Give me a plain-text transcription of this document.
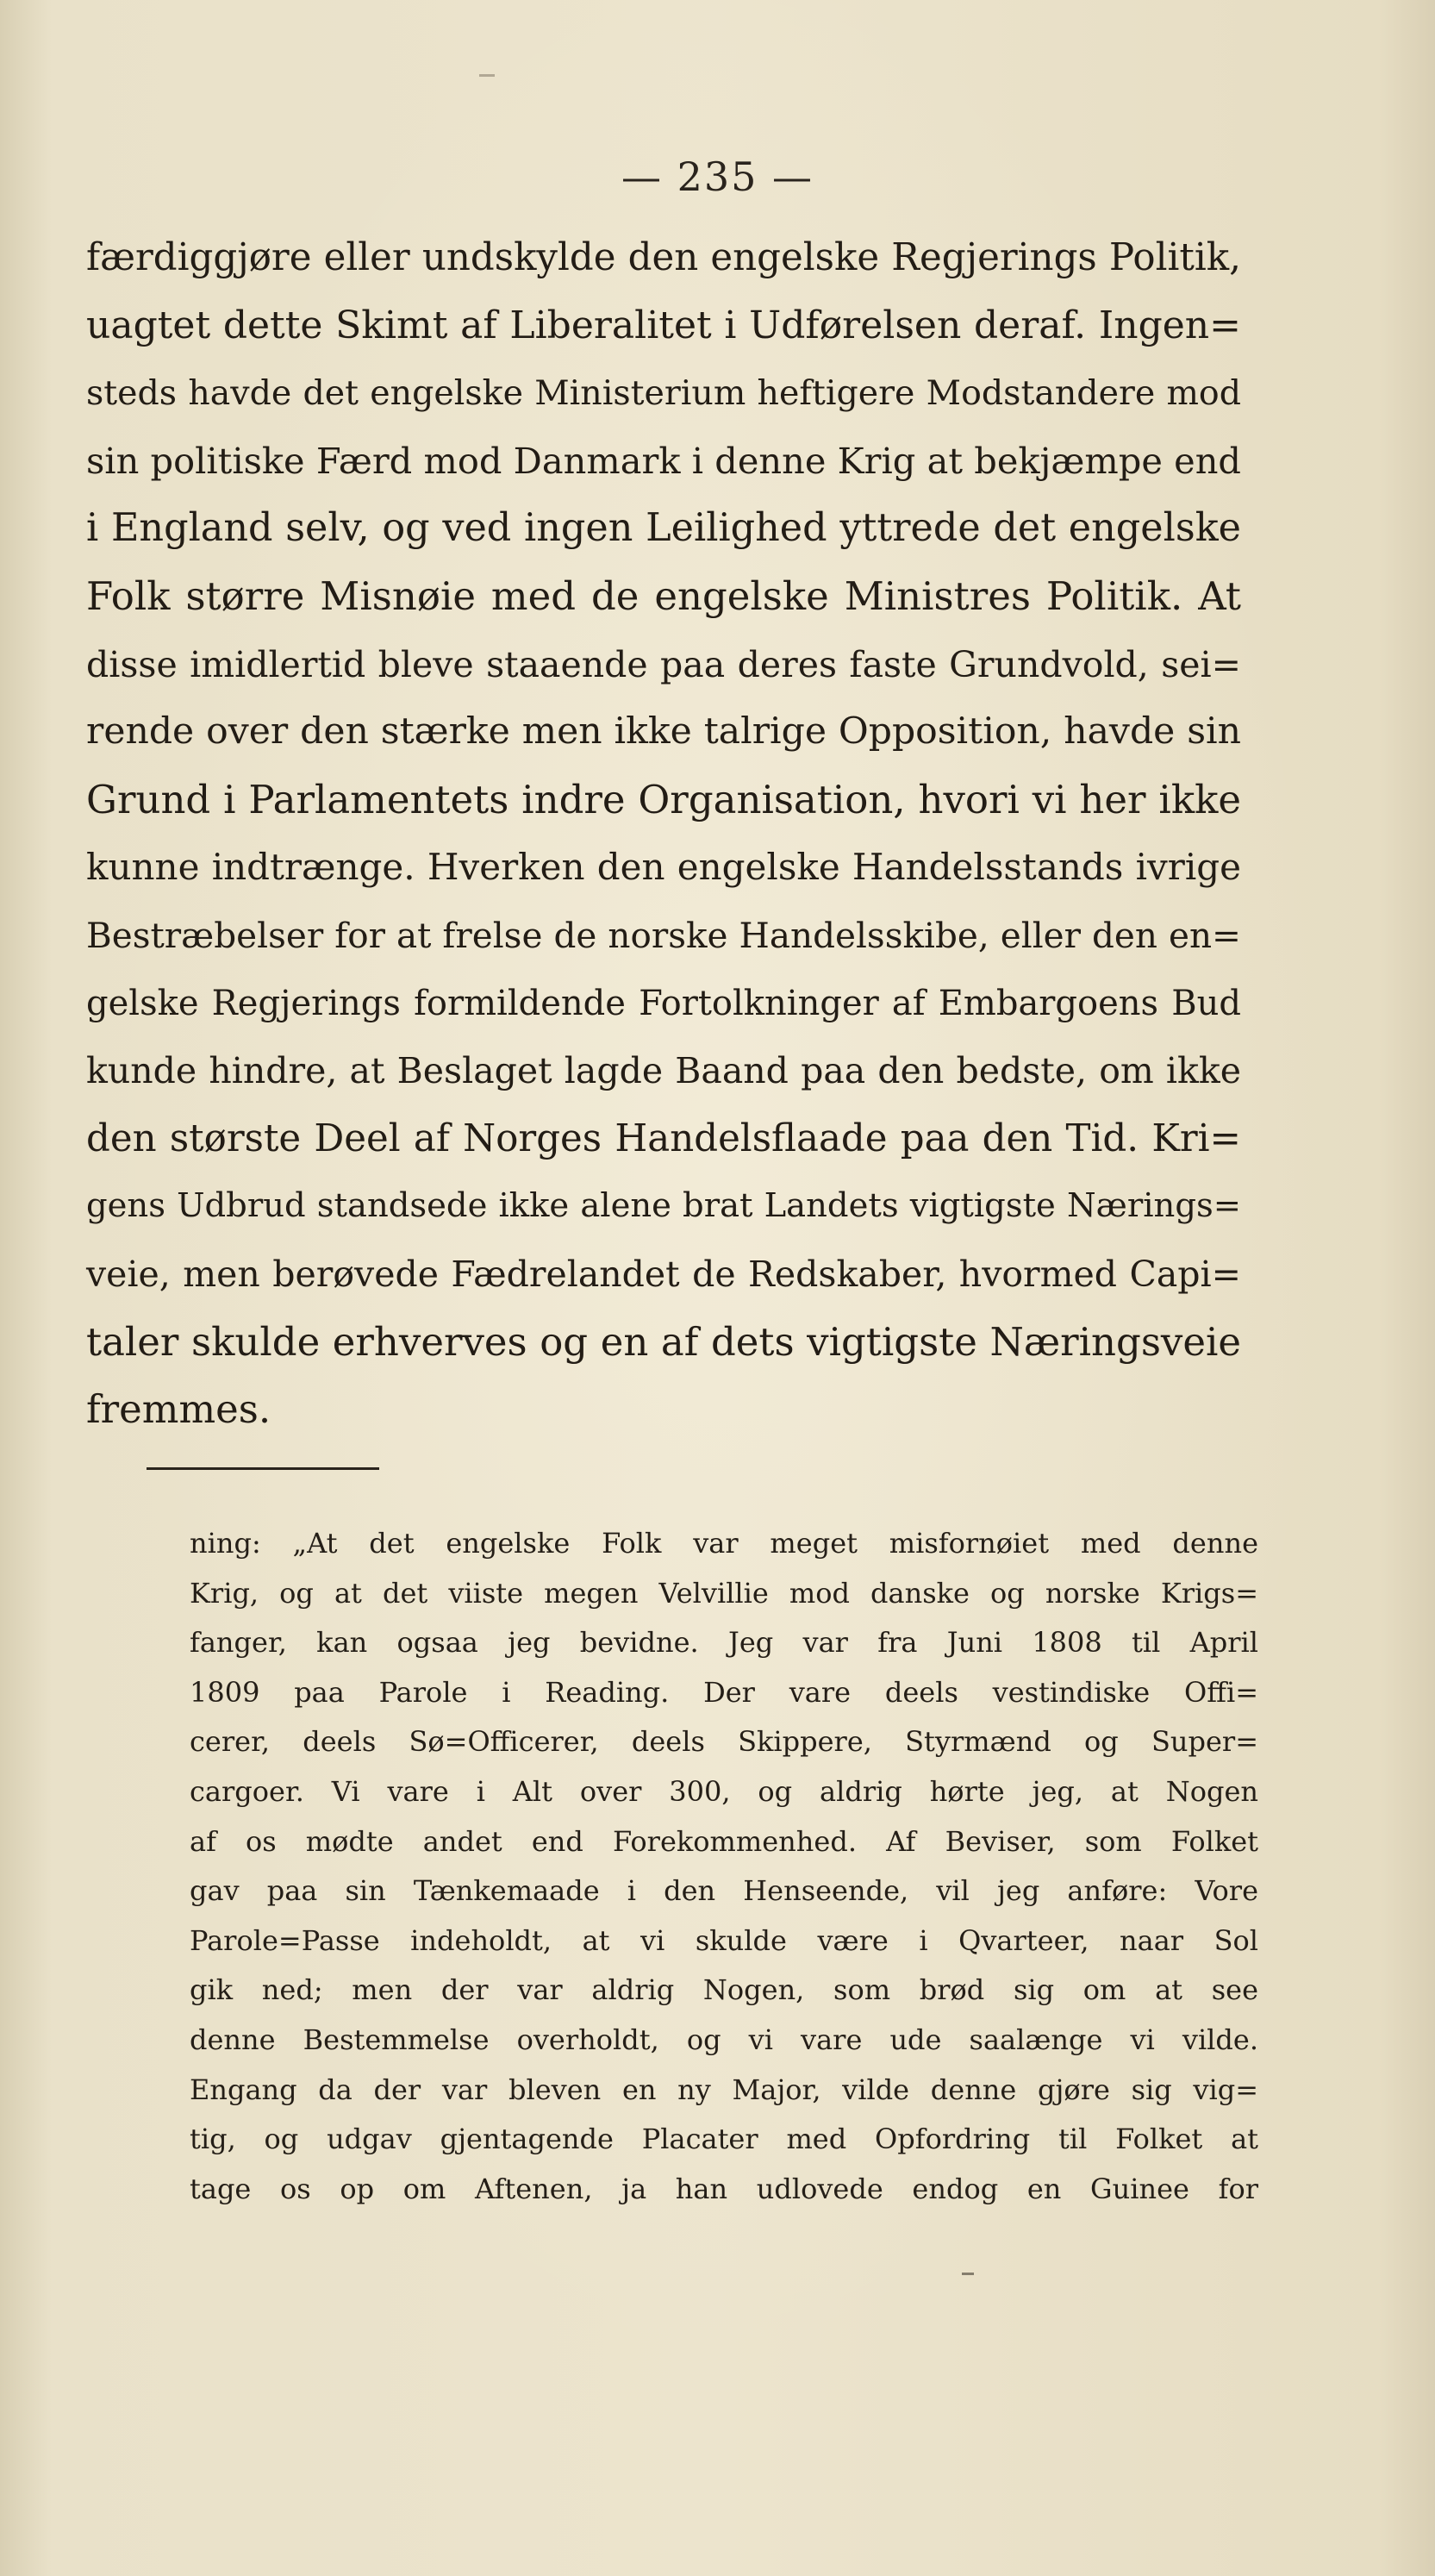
— 235 —
færdiggjøre eller undskylde den engelske Regjerings Politik,
uagtet dette Skimt af Liberalitet i Udførelsen deraf. Ingen=
steds havde det engelske Ministerium heftigere Modstandere mod
sin politiske Færd mod Danmark i denne Krig at bekjæmpe end
i England selv, og ved ingen Leilighed yttrede det engelske
Folk større Misnøie med de engelske Ministres Politik. At
disse imidlertid bleve staaende paa deres faste Grundvold, sei=
rende over den stærke men ikke talrige Opposition, havde sin
Grund i Parlamentets indre Organisation, hvori vi her ikke
kunne indtrænge. Hverken den engelske Handelsstands ivrige
Bestræbelser for at frelse de norske Handelsskibe, eller den en=
gelske Regjerings formildende Fortolkninger af Embargoens Bud
kunde hindre, at Beslaget lagde Baand paa den bedste, om ikke
den største Deel af Norges Handelsflaade paa den Tid. Kri=
gens Udbrud standsede ikke alene brat Landets vigtigste Nærings=
veie, men berøvede Fædrelandet de Redskaber, hvormed Capi=
taler skulde erhverves og en af dets vigtigste Næringsveie
fremmes.
ning: „At det engelske Folk var meget misfornøiet med denne
Krig, og at det viiste megen Velvillie mod danske og norske Krigs=
fanger, kan ogsaa jeg bevidne. Jeg var fra Juni 1808 til April
1809 paa Parole i Reading. Der vare deels vestindiske Offi=
cerer, deels Sø=Officerer, deels Skippere, Styrmænd og Super=
cargoer. Vi vare i Alt over 300, og aldrig hørte jeg, at Nogen
af os mødte andet end Forekommenhed. Af Beviser, som Folket
gav paa sin Tænkemaade i den Henseende, vil jeg anføre: Vore
Parole=Passe indeholdt, at vi skulde være i Qvarteer, naar Sol
gik ned; men der var aldrig Nogen, som brød sig om at see
denne Bestemmelse overholdt, og vi vare ude saalænge vi vilde.
Engang da der var bleven en ny Major, vilde denne gjøre sig vig=
tig, og udgav gjentagende Placater med Opfordring til Folket at
tage os op om Aftenen, ja han udlovede endog en Guinee for
